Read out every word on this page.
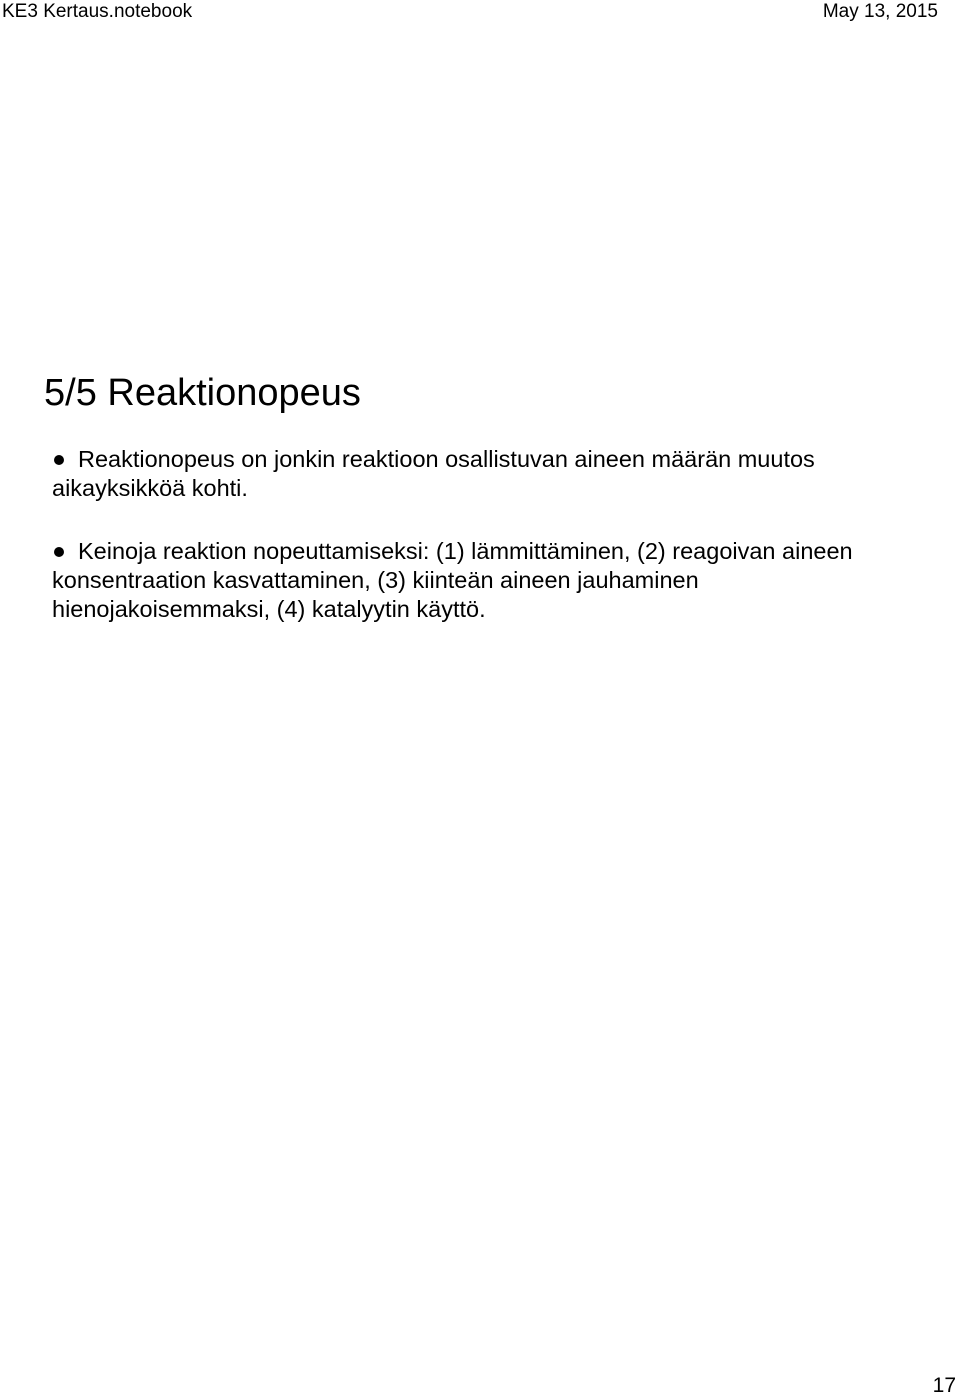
KE3 Kertaus.notebook	May 13, 2015
5/5 Reaktionopeus
Reaktionopeus on jonkin reaktioon osallistuvan aineen määrän muutos aikayksikköä kohti.
Keinoja reaktion nopeuttamiseksi: (1) lämmittäminen, (2) reagoivan aineen konsentraation kasvattaminen, (3) kiinteän aineen jauhaminen hienojakoisemmaksi, (4) katalyytin käyttö.
17
